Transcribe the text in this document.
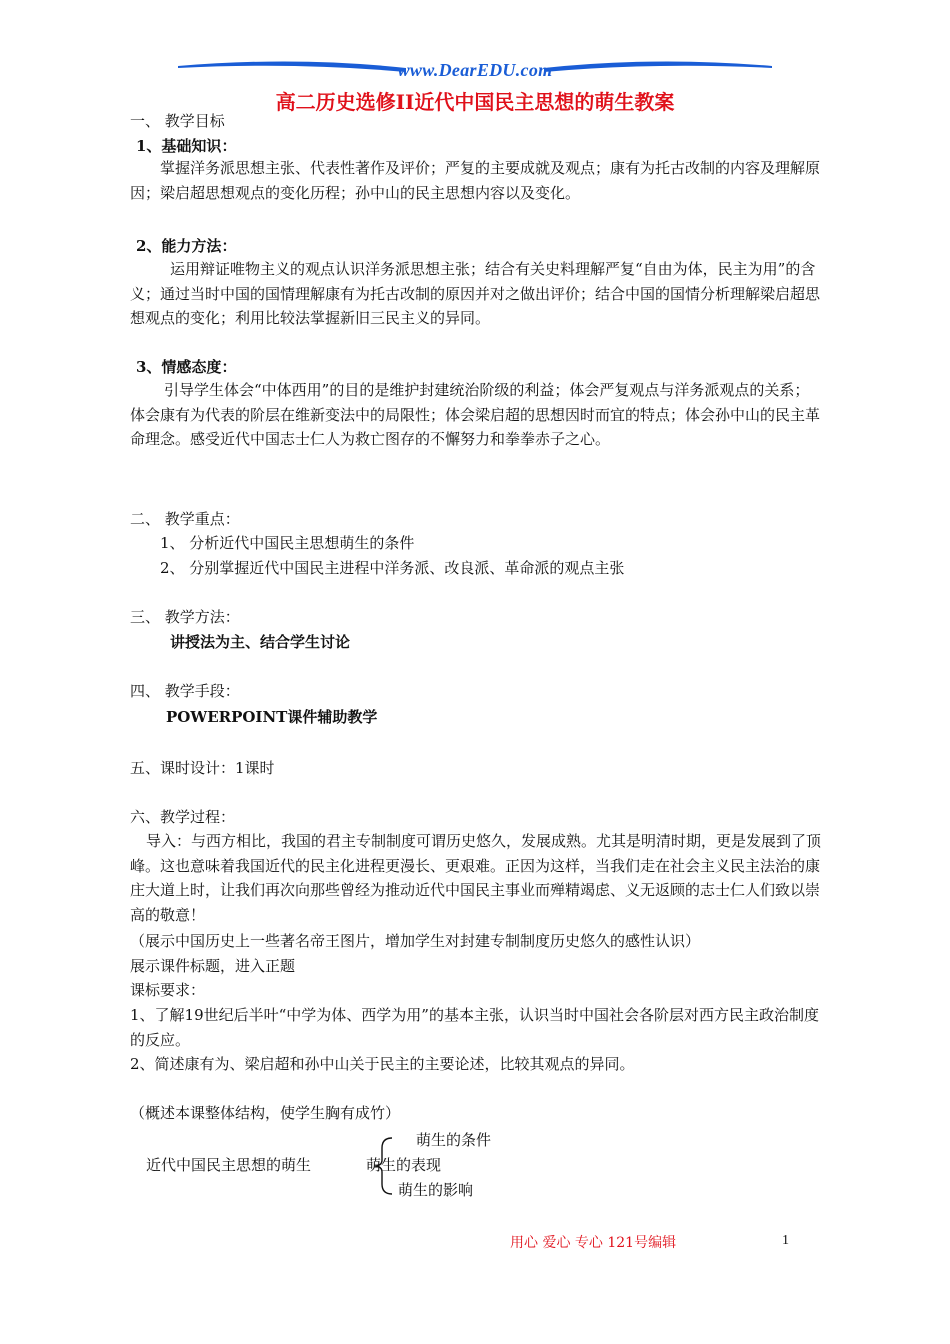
www.DearEDU.com
高二历史选修II近代中国民主思想的萌生教案
一、 教学目标
1、基础知识：
掌握洋务派思想主张、代表性著作及评价；严复的主要成就及观点；康有为托古改制的内容及理解原因；梁启超思想观点的变化历程；孙中山的民主思想内容以及变化。
2、能力方法：
运用辩证唯物主义的观点认识洋务派思想主张；结合有关史料理解严复“自由为体，民主为用”的含义；通过当时中国的国情理解康有为托古改制的原因并对之做出评价；结合中国的国情分析理解梁启超思想观点的变化；利用比较法掌握新旧三民主义的异同。
3、情感态度：
引导学生体会“中体西用”的目的是维护封建统治阶级的利益；体会严复观点与洋务派观点的关系；体会康有为代表的阶层在维新变法中的局限性；体会梁启超的思想因时而宜的特点；体会孙中山的民主革命理念。感受近代中国志士仁人为救亡图存的不懈努力和拳拳赤子之心。
二、 教学重点：
1、 分析近代中国民主思想萌生的条件
2、 分别掌握近代中国民主进程中洋务派、改良派、革命派的观点主张
三、 教学方法：
讲授法为主、结合学生讨论
四、 教学手段：
POWERPOINT课件辅助教学
五、课时设计：1课时
六、教学过程：
导入：与西方相比，我国的君主专制制度可谓历史悠久，发展成熟。尤其是明清时期，更是发展到了顶峰。这也意味着我国近代的民主化进程更漫长、更艰难。正因为这样，当我们走在社会主义民主法治的康庄大道上时，让我们再次向那些曾经为推动近代中国民主事业而殚精竭虑、义无返顾的志士仁人们致以崇高的敬意！
（展示中国历史上一些著名帝王图片，增加学生对封建专制制度历史悠久的感性认识）
展示课件标题，进入正题
课标要求：
1、了解19世纪后半叶“中学为体、西学为用”的基本主张，认识当时中国社会各阶层对西方民主政治制度的反应。
2、简述康有为、梁启超和孙中山关于民主的主要论述，比较其观点的异同。
（概述本课整体结构，使学生胸有成竹）
近代中国民主思想的萌生
萌生的条件
萌生的表现
萌生的影响
用心 爱心 专心 121号编辑	1
